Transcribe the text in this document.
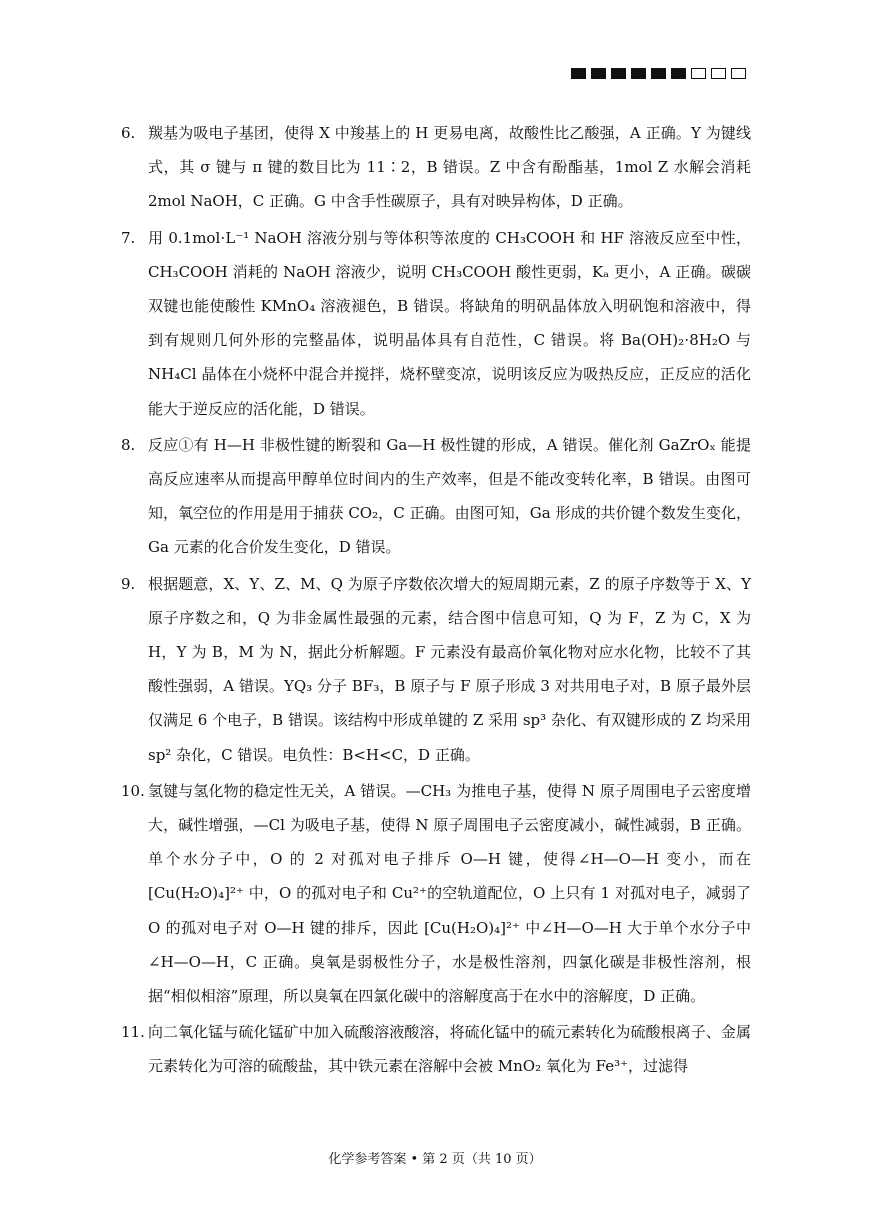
6. 羰基为吸电子基团，使得 X 中羧基上的 H 更易电离，故酸性比乙酸强，A 正确。Y 为键线式，其 σ 键与 π 键的数目比为 11∶2，B 错误。Z 中含有酚酯基，1mol Z 水解会消耗 2mol NaOH，C 正确。G 中含手性碳原子，具有对映异构体，D 正确。
7. 用 0.1mol⋅L⁻¹ NaOH 溶液分别与等体积等浓度的 CH₃COOH 和 HF 溶液反应至中性，CH₃COOH 消耗的 NaOH 溶液少，说明 CH₃COOH 酸性更弱，Kₐ 更小，A 正确。碳碳双键也能使酸性 KMnO₄ 溶液褪色，B 错误。将缺角的明矾晶体放入明矾饱和溶液中，得到有规则几何外形的完整晶体，说明晶体具有自范性，C 错误。将 Ba(OH)₂⋅8H₂O 与 NH₄Cl 晶体在小烧杯中混合并搅拌，烧杯壁变凉，说明该反应为吸热反应，正反应的活化能大于逆反应的活化能，D 错误。
8. 反应①有 H—H 非极性键的断裂和 Ga—H 极性键的形成，A 错误。催化剂 GaZrOₓ 能提高反应速率从而提高甲醇单位时间内的生产效率，但是不能改变转化率，B 错误。由图可知，氧空位的作用是用于捕获 CO₂，C 正确。由图可知，Ga 形成的共价键个数发生变化，Ga 元素的化合价发生变化，D 错误。
9. 根据题意，X、Y、Z、M、Q 为原子序数依次增大的短周期元素，Z 的原子序数等于 X、Y 原子序数之和，Q 为非金属性最强的元素，结合图中信息可知，Q 为 F，Z 为 C，X 为 H，Y 为 B，M 为 N，据此分析解题。F 元素没有最高价氧化物对应水化物，比较不了其酸性强弱，A 错误。YQ₃ 分子 BF₃，B 原子与 F 原子形成 3 对共用电子对，B 原子最外层仅满足 6 个电子，B 错误。该结构中形成单键的 Z 采用 sp³ 杂化、有双键形成的 Z 均采用 sp² 杂化，C 错误。电负性：B<H<C，D 正确。
10. 氢键与氢化物的稳定性无关，A 错误。—CH₃ 为推电子基，使得 N 原子周围电子云密度增大，碱性增强，—Cl 为吸电子基，使得 N 原子周围电子云密度减小，碱性减弱，B 正确。单个水分子中，O 的 2 对孤对电子排斥 O—H 键，使得∠H—O—H 变小，而在 [Cu(H₂O)₄]²⁺ 中，O 的孤对电子和 Cu²⁺的空轨道配位，O 上只有 1 对孤对电子，减弱了 O 的孤对电子对 O—H 键的排斥，因此 [Cu(H₂O)₄]²⁺ 中∠H—O—H 大于单个水分子中∠H—O—H，C 正确。臭氧是弱极性分子，水是极性溶剂，四氯化碳是非极性溶剂，根据“相似相溶”原理，所以臭氧在四氯化碳中的溶解度高于在水中的溶解度，D 正确。
11. 向二氧化锰与硫化锰矿中加入硫酸溶液酸溶，将硫化锰中的硫元素转化为硫酸根离子、金属元素转化为可溶的硫酸盐，其中铁元素在溶解中会被 MnO₂ 氧化为 Fe³⁺，过滤得
化学参考答案 • 第 2 页（共 10 页）
